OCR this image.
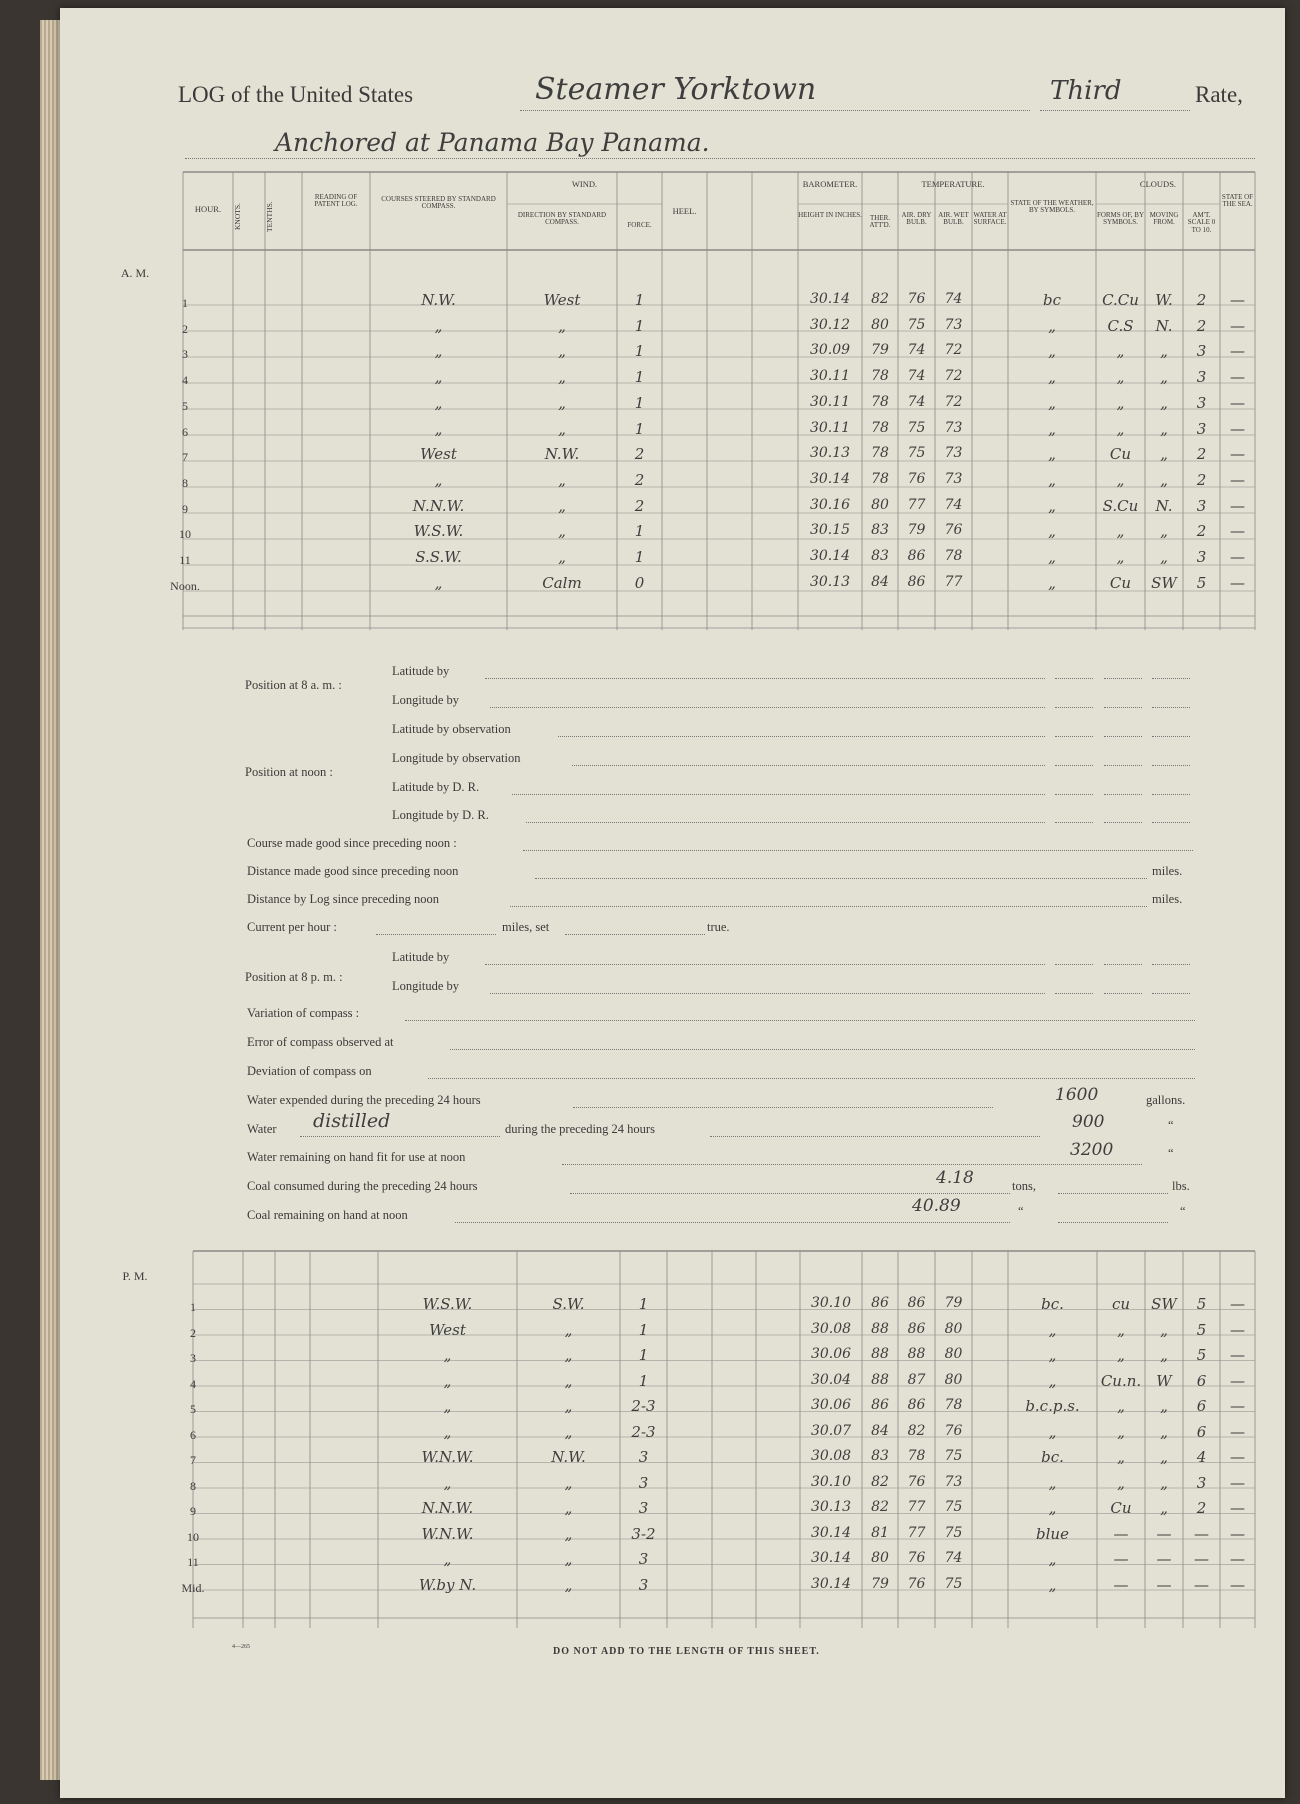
LOG of the United States	Steamer Yorktown	Third	Rate,
Anchored at Panama Bay Panama.
HOUR.	KNOTS.	TENTHS.
READING OF PATENT LOG.
COURSES STEERED BY STANDARD COMPASS.
WIND.
DIRECTION BY STANDARD COMPASS.	FORCE.
HEEL.
BAROMETER.
HEIGHT IN INCHES.	THER. ATT'D.
TEMPERATURE.
AIR. DRY BULB.
AIR. WET BULB.
WATER AT SURFACE.
STATE OF THE WEATHER, BY SYMBOLS.
CLOUDS.
FORMS OF, BY SYMBOLS.
MOVING FROM.
AM'T. SCALE 0 TO 10.
STATE OF THE SEA.
A. M.
1	N.W.	West	1	30.14	82	76	74	bc	C.Cu	W.	2	—
2	„	„	1	30.12	80	75	73	„	C.S	N.	2	—
3	„	„	1	30.09	79	74	72	„	„	„	3	—
4	„	„	1	30.11	78	74	72	„	„	„	3	—
5	„	„	1	30.11	78	74	72	„	„	„	3	—
6	„	„	1	30.11	78	75	73	„	„	„	3	—
7	West	N.W.	2	30.13	78	75	73	„	Cu	„	2	—
8	„	„	2	30.14	78	76	73	„	„	„	2	—
9	N.N.W.	„	2	30.16	80	77	74	„	S.Cu	N.	3	—
10	W.S.W.	„	1	30.15	83	79	76	„	„	„	2	—
11	S.S.W.	„	1	30.14	83	86	78	„	„	„	3	—
Noon.	„	Calm	0	30.13	84	86	77	„	Cu	SW	5	—
Position at 8 a. m. :
Latitude by
Longitude by
Position at noon :
Latitude by observation
Longitude by observation
Latitude by D. R.
Longitude by D. R.
Course made good since preceding noon :
Distance made good since preceding noon	miles.
Distance by Log since preceding noon	miles.
Current per hour :	miles, set	true.
Position at 8 p. m. :
Latitude by
Longitude by
Variation of compass :
Error of compass observed at
Deviation of compass on
Water expended during the preceding 24 hours	1600	gallons.
Water distilled	during the preceding 24 hours	900	“
Water remaining on hand fit for use at noon	3200	“
Coal consumed during the preceding 24 hours	4.18	tons,	lbs.
Coal remaining on hand at noon	40.89	“	“
P. M.
1	W.S.W.	S.W.	1	30.10	86	86	79	bc.	cu	SW	5	—
2	West	„	1	30.08	88	86	80	„	„	„	5	—
3	„	„	1	30.06	88	88	80	„	„	„	5	—
4	„	„	1	30.04	88	87	80	„	Cu.n.	W	6	—
5	„	„	2-3	30.06	86	86	78	b.c.p.s.	„	„	6	—
6	„	„	2-3	30.07	84	82	76	„	„	„	6	—
7	W.N.W.	N.W.	3	30.08	83	78	75	bc.	„	„	4	—
8	„	„	3	30.10	82	76	73	„	„	„	3	—
9	N.N.W.	„	3	30.13	82	77	75	„	Cu	„	2	—
10	W.N.W.	„	3-2	30.14	81	77	75	blue	—	—	—	—
11	„	„	3	30.14	80	76	74	„	—	—	—	—
Mid.	W.by N.	„	3	30.14	79	76	75	„	—	—	—	—
4—265	DO NOT ADD TO THE LENGTH OF THIS SHEET.
